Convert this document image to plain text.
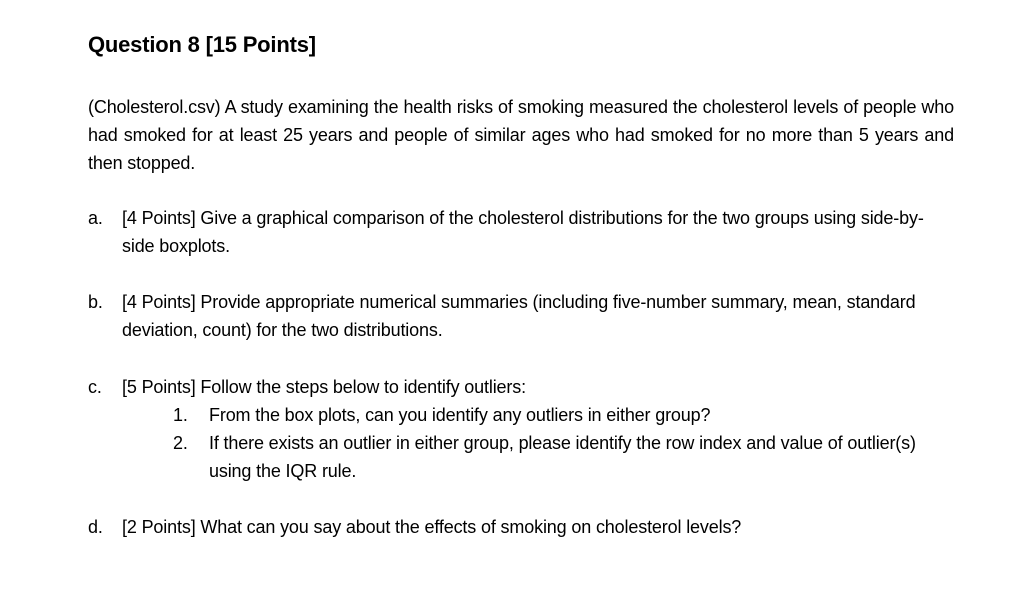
Question 8 [15 Points]
(Cholesterol.csv) A study examining the health risks of smoking measured the cholesterol levels of people who had smoked for at least 25 years and people of similar ages who had smoked for no more than 5 years and then stopped.
a.	[4 Points] Give a graphical comparison of the cholesterol distributions for the two groups using side-by-side boxplots.
b.	[4 Points] Provide appropriate numerical summaries (including five-number summary, mean, standard deviation, count) for the two distributions.
c.	[5 Points] Follow the steps below to identify outliers:
1.	From the box plots, can you identify any outliers in either group?
2.	If there exists an outlier in either group, please identify the row index and value of outlier(s) using the IQR rule.
d.	[2 Points] What can you say about the effects of smoking on cholesterol levels?
